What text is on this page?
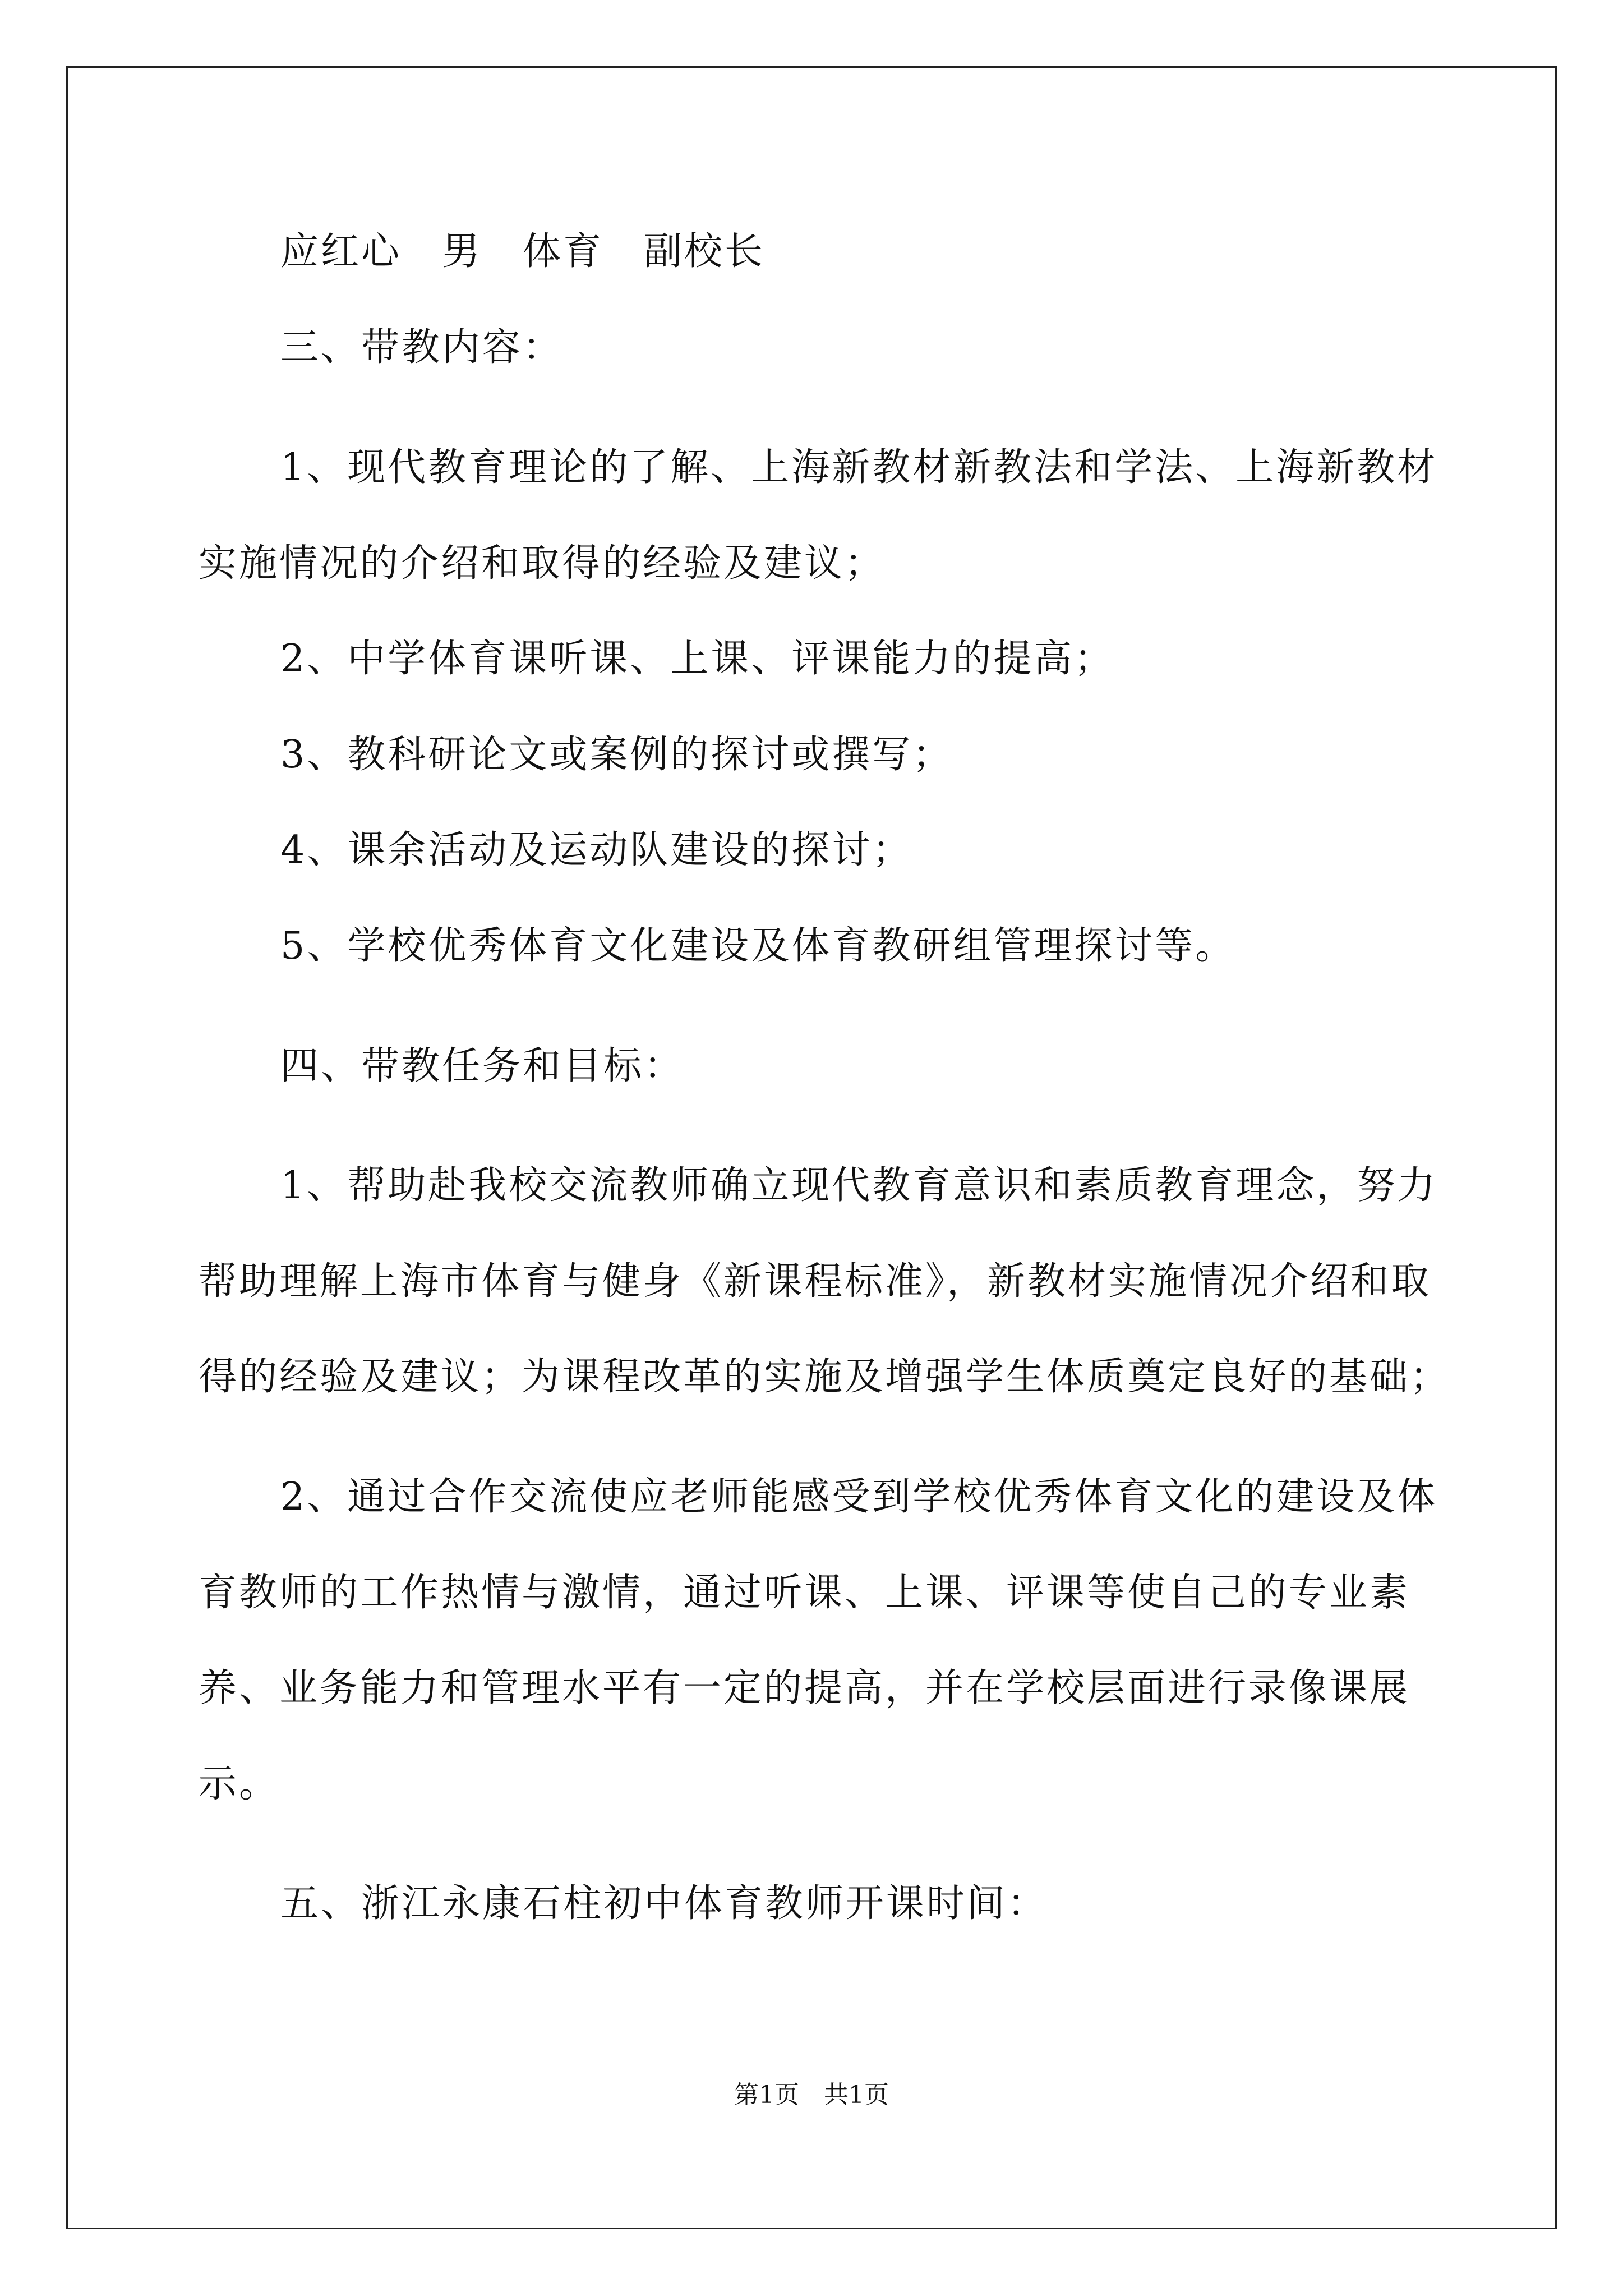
应红心　男　体育　副校长

三、带教内容：

1、现代教育理论的了解、上海新教材新教法和学法、上海新教材

实施情况的介绍和取得的经验及建议；

2、中学体育课听课、上课、评课能力的提高；

3、教科研论文或案例的探讨或撰写；

4、课余活动及运动队建设的探讨；

5、学校优秀体育文化建设及体育教研组管理探讨等。

四、带教任务和目标：

1、帮助赴我校交流教师确立现代教育意识和素质教育理念，努力

帮助理解上海市体育与健身《新课程标准》，新教材实施情况介绍和取

得的经验及建议；为课程改革的实施及增强学生体质奠定良好的基础；

2、通过合作交流使应老师能感受到学校优秀体育文化的建设及体

育教师的工作热情与激情，通过听课、上课、评课等使自己的专业素

养、业务能力和管理水平有一定的提高，并在学校层面进行录像课展

示。

五、浙江永康石柱初中体育教师开课时间：

第1页　共1页
